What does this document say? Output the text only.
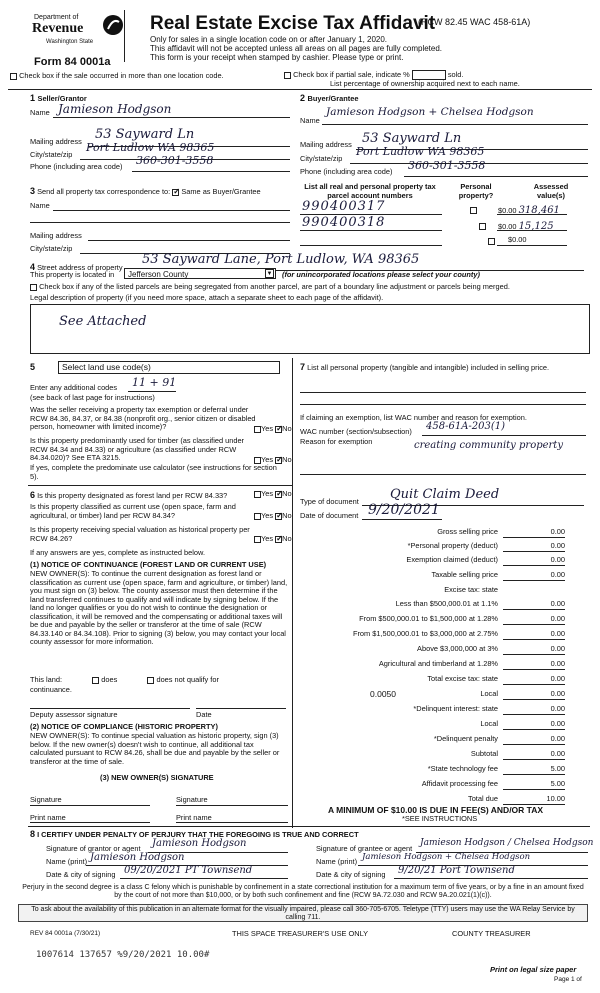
Department of
Revenue
Washington State
Form 84 0001a
Real Estate Excise Tax Affidavit
(RCW 82.45 WAC 458-61A)
Only for sales in a single location code on or after January 1, 2020.
This affidavit will not be accepted unless all areas on all pages are fully completed.
This form is your receipt when stamped by cashier. Please type or print.
Check box if the sale occurred in more than one location code.	Check box if partial sale, indicate %	sold.
List percentage of ownership acquired next to each name.
1 Seller/Grantor
Name Jamieson Hodgson
Mailing address 53 Sayward Ln
City/state/zip
Port Ludlow WA 98365
Phone (including area code) 360-301-3558
2 Buyer/Grantee
Name
Jamieson Hodgson + Chelsea Hodgson
Mailing address 53 Sayward Ln
City/state/zip
Port Ludlow WA 98365
Phone (including area code) 360-301-3558
3 Send all property tax correspondence to: ✓ Same as Buyer/Grantee
Name
Mailing address
City/state/zip
List all real and personal property tax parcel account numbers
Personal property?
Assessed value(s)
990400317
	$0.00 318,461
990400318
	$0.00 15,125
$0.00
4 Street address of property
53 Sayward Lane, Port Ludlow, WA 98365
This property is located in	Jefferson County	▼ (for unincorporated locations please select your county)
Check box if any of the listed parcels are being segregated from another parcel, are part of a boundary line adjustment or parcels being merged.
Legal description of property (if you need more space, attach a separate sheet to each page of the affidavit).
See Attached
5	Select land use code(s)
Enter any additional codes 11 + 91
(see back of last page for instructions)
Was the seller receiving a property tax exemption or deferral under RCW 84.36, 84.37, or 84.38 (nonprofit org., senior citizen or disabled person, homeowner with limited income)?	Yes ✓ No
Is this property predominantly used for timber (as classified under RCW 84.34 and 84.33) or agriculture (as classified under RCW 84.34.020)? See ETA 3215.	Yes ✓ No
If yes, complete the predominate use calculator (see instructions for section 5).
6 Is this property designated as forest land per RCW 84.33?	Yes ✓ No
Is this property classified as current use (open space, farm and agricultural, or timber) land per RCW 84.34?	Yes ✓ No
Is this property receiving special valuation as historical property per RCW 84.26?	Yes ✓ No
If any answers are yes, complete as instructed below.
(1) NOTICE OF CONTINUANCE (FOREST LAND OR CURRENT USE)
NEW OWNER(S): To continue the current designation as forest land or classification as current use (open space, farm and agriculture, or timber) land, you must sign on (3) below. The county assessor must then determine if the land transferred continues to qualify and will indicate by signing below. If the land no longer qualifies or you do not wish to continue the designation or classification, it will be removed and the compensating or additional taxes will be due and payable by the seller or transferor at the time of sale (RCW 84.33.140 or 84.34.108). Prior to signing (3) below, you may contact your local county assessor for more information.
This land:	does	does not qualify for
continuance.
Deputy assessor signature	Date
(2) NOTICE OF COMPLIANCE (HISTORIC PROPERTY)
NEW OWNER(S): To continue special valuation as historic property, sign (3) below. If the new owner(s) doesn't wish to continue, all additional tax calculated pursuant to RCW 84.26, shall be due and payable by the seller or transferor at the time of sale.
(3) NEW OWNER(S) SIGNATURE
Signature	Signature
Print name	Print name
7 List all personal property (tangible and intangible) included in selling price.
If claiming an exemption, list WAC number and reason for exemption.
WAC number (section/subsection) 458-61A-203(1)
Reason for exemption	creating community property
Type of document Quit Claim Deed
Date of document 9/20/2021
Gross selling price	0.00
*Personal property (deduct)	0.00
Exemption claimed (deduct)	0.00
Taxable selling price	0.00
Excise tax: state
Less than $500,000.01 at 1.1%	0.00
From $500,000.01 to $1,500,000 at 1.28%	0.00
From $1,500,000.01 to $3,000,000 at 2.75%	0.00
Above $3,000,000 at 3%	0.00
Agricultural and timberland at 1.28%	0.00
Total excise tax: state	0.00
0.0050	Local	0.00
*Delinquent interest: state	0.00
Local	0.00
*Delinquent penalty	0.00
Subtotal	0.00
*State technology fee	5.00
Affidavit processing fee	5.00
Total due	10.00
A MINIMUM OF $10.00 IS DUE IN FEE(S) AND/OR TAX
*SEE INSTRUCTIONS
8 I CERTIFY UNDER PENALTY OF PERJURY THAT THE FOREGOING IS TRUE AND CORRECT
Signature of grantor or agent Jamieson Hodgson
Name (print) Jamieson Hodgson
Date & city of signing 09/20/2021 PT Townsend
Signature of grantee or agent
Jamieson Hodgson / Chelsea Hodgson
Name (print) Jamieson Hodgson + Chelsea Hodgson
Date & city of signing 9/20/21 Port Townsend
Perjury in the second degree is a class C felony which is punishable by confinement in a state correctional institution for a maximum term of five years, or by a fine in an amount fixed by the court of not more than $10,000, or by both such confinement and fine (RCW 9A.72.030 and RCW 9A.20.021(1)(c)).
To ask about the availability of this publication in an alternate format for the visually impaired, please call 360-705-6705. Teletype (TTY) users may use the WA Relay Service by calling 711.
REV 84 0001a (7/30/21)	THIS SPACE TREASURER'S USE ONLY	COUNTY TREASURER
1007614 137657 %9/20/2021 10.00#
Print on legal size paper
Page 1 of
